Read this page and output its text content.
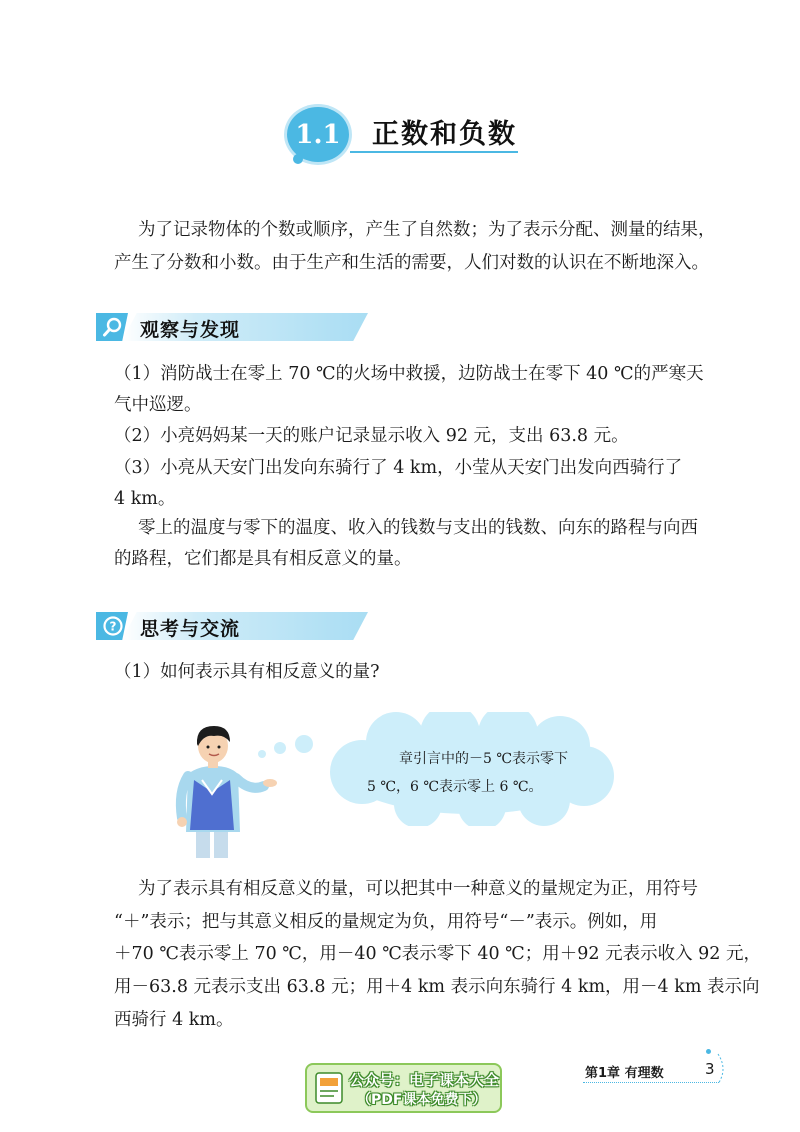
1.1 正数和负数
为了记录物体的个数或顺序，产生了自然数；为了表示分配、测量的结果，
产生了分数和小数。由于生产和生活的需要，人们对数的认识在不断地深入。
观察与发现
（1）消防战士在零上 70 ℃的火场中救援，边防战士在零下 40 ℃的严寒天
气中巡逻。
（2）小亮妈妈某一天的账户记录显示收入 92 元，支出 63.8 元。
（3）小亮从天安门出发向东骑行了 4 km，小莹从天安门出发向西骑行了
4 km。
零上的温度与零下的温度、收入的钱数与支出的钱数、向东的路程与向西
的路程，它们都是具有相反意义的量。
? 思考与交流
（1）如何表示具有相反意义的量?
章引言中的－5 ℃表示零下
5 ℃，6 ℃表示零上 6 ℃。
为了表示具有相反意义的量，可以把其中一种意义的量规定为正，用符号
“＋”表示；把与其意义相反的量规定为负，用符号“－”表示。例如，用
＋70 ℃表示零上 70 ℃，用－40 ℃表示零下 40 ℃；用＋92 元表示收入 92 元，
用－63.8 元表示支出 63.8 元；用＋4 km 表示向东骑行 4 km，用－4 km 表示向
西骑行 4 km。
公众号：电子课本大全
（PDF课本免费下）
第1章 有理数	3
